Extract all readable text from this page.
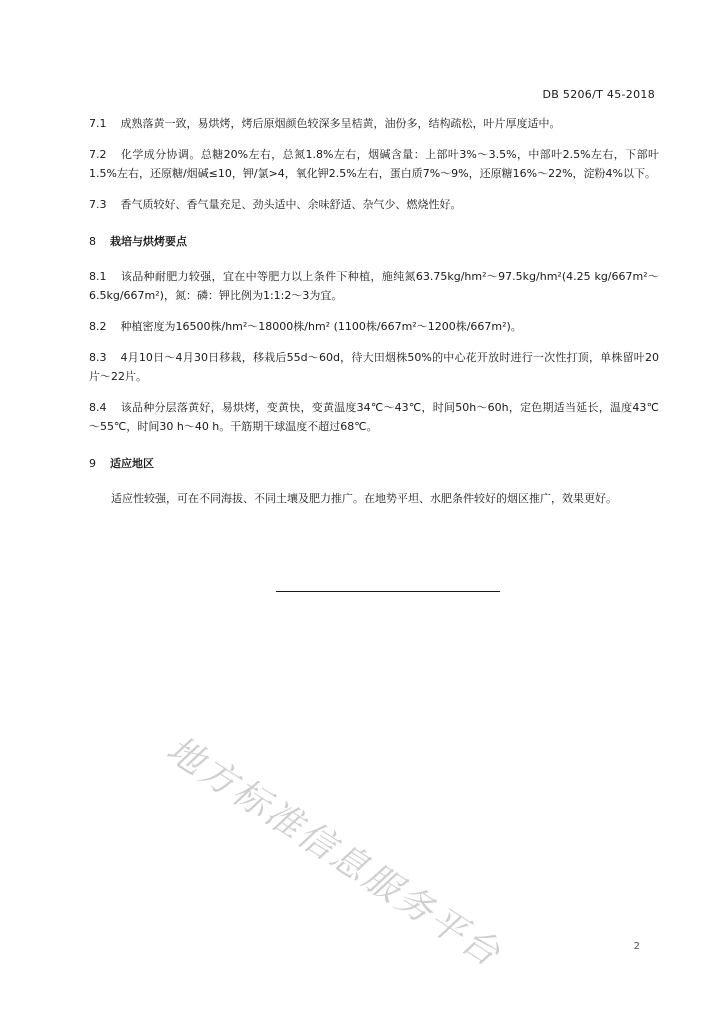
DB 5206/T 45-2018

7.1 成熟落黄一致，易烘烤，烤后原烟颜色较深多呈桔黄，油份多，结构疏松，叶片厚度适中。

7.2 化学成分协调。总糖20%左右，总氮1.8%左右，烟碱含量：上部叶3%～3.5%，中部叶2.5%左右，下部叶1.5%左右，还原糖/烟碱≤10，钾/氯>4，氧化钾2.5%左右，蛋白质7%～9%，还原糖16%～22%，淀粉4%以下。

7.3 香气质较好、香气量充足、劲头适中、余味舒适、杂气少、燃烧性好。

8 栽培与烘烤要点

8.1 该品种耐肥力较强，宜在中等肥力以上条件下种植，施纯氮63.75kg/hm²～97.5kg/hm²(4.25 kg/667m²～6.5kg/667m²)，氮：磷：钾比例为1:1:2～3为宜。

8.2 种植密度为16500株/hm²～18000株/hm² (1100株/667m²～1200株/667m²)。

8.3 4月10日～4月30日移栽，移栽后55d～60d，待大田烟株50%的中心花开放时进行一次性打顶，单株留叶20片～22片。

8.4 该品种分层落黄好，易烘烤，变黄快，变黄温度34℃～43℃，时间50h～60h，定色期适当延长，温度43℃～55℃，时间30 h～40 h。干筋期干球温度不超过68℃。

9 适应地区

适应性较强，可在不同海拔、不同土壤及肥力推广。在地势平坦、水肥条件较好的烟区推广，效果更好。

地方标准信息服务平台	2
